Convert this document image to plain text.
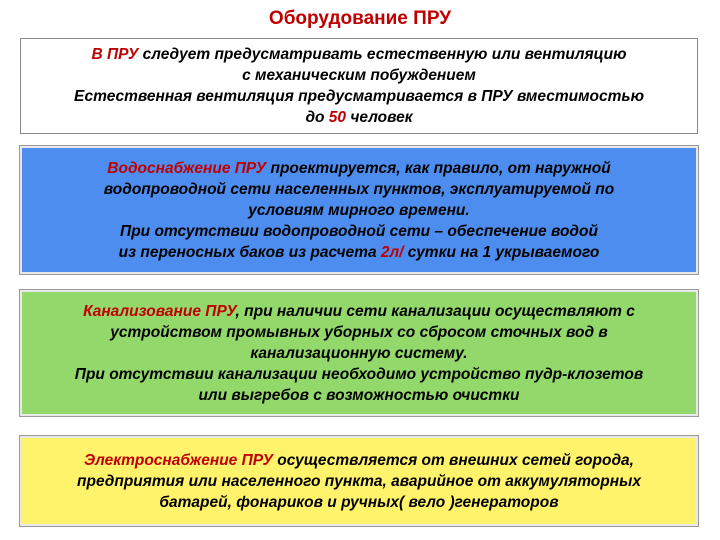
Оборудование ПРУ
В ПРУ следует предусматривать естественную или вентиляцию
с механическим побуждением
Естественная вентиляция предусматривается в ПРУ вместимостью
до 50 человек
Водоснабжение ПРУ проектируется, как правило, от наружной
водопроводной сети населенных пунктов, эксплуатируемой по
условиям мирного времени.
При отсутствии водопроводной сети – обеспечение водой
из переносных баков из расчета 2л/ сутки на 1 укрываемого
Канализование ПРУ, при наличии сети канализации осуществляют с
устройством промывных уборных со сбросом сточных вод в
канализационную систему.
При отсутствии канализации необходимо устройство пудр-клозетов
или выгребов с возможностью очистки
Электроснабжение ПРУ осуществляется от внешних сетей города,
предприятия или населенного пункта, аварийное от аккумуляторных
батарей, фонариков и ручных( вело )генераторов
